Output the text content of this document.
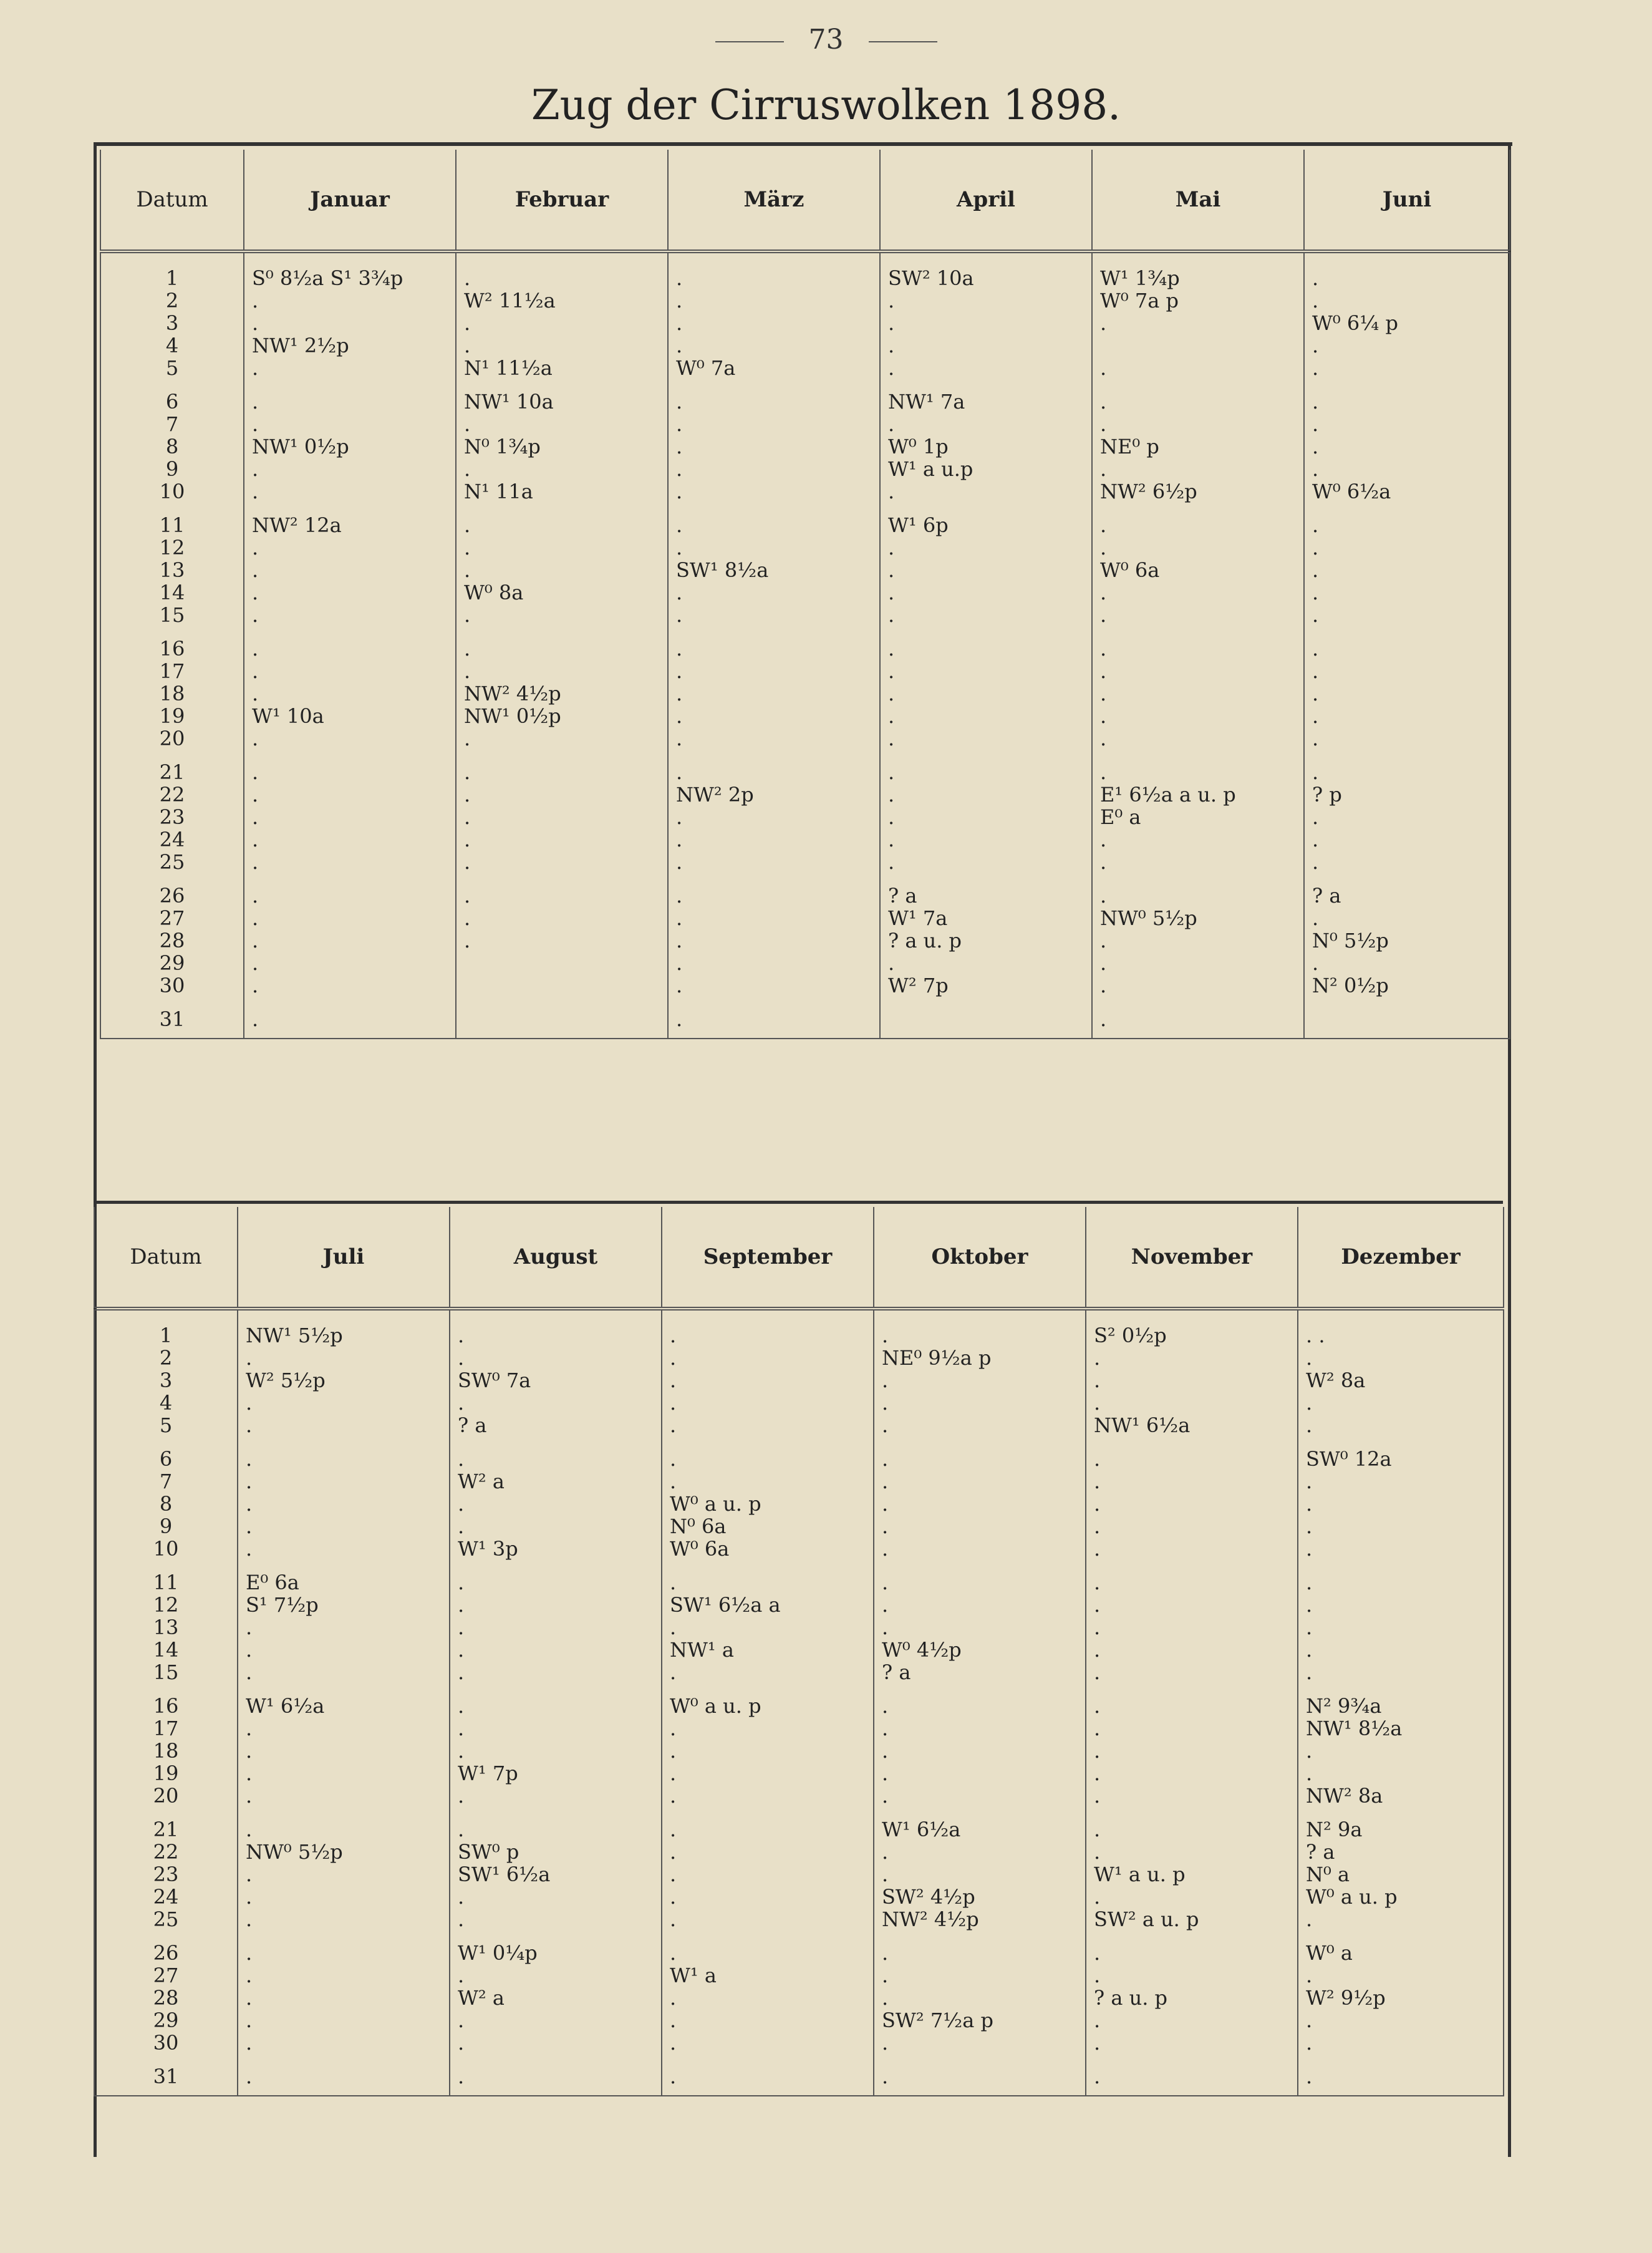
73
Zug der Cirruswolken 1898.
Datum	Januar	Februar	März	April	Mai	Juni

1	S⁰ 8½a S¹ 3¾p	.	.	SW² 10a	W¹ 1¾p	.
2	.	W² 11½a	.	.	W⁰ 7a p	.
3	.	.	.	.	.	W⁰ 6¼ p
4	NW¹ 2½p	.	.	.		.
5	.	N¹ 11½a	W⁰ 7a	.	.	.

6	.	NW¹ 10a	.	NW¹ 7a	.	.
7	.	.	.	.	.	.
8	NW¹ 0½p	N⁰ 1¾p	.	W⁰ 1p	NE⁰ p	.
9	.	.	.	W¹ a u.p	.	.
10	.	N¹ 11a	.	.	NW² 6½p	W⁰ 6½a

11	NW² 12a	.	.	W¹ 6p	.	.
12	.	.	.	.	.	.
13	.	.	SW¹ 8½a	.	W⁰ 6a	.
14	.	W⁰ 8a	.	.	.	.
15	.	.	.	.	.	.

16	.	.	.	.	.	.
17	.	.	.	.	.	.
18	.	NW² 4½p	.	.	.	.
19	W¹ 10a	NW¹ 0½p	.	.	.	.
20	.	.	.	.	.	.

21	.	.	.	.	.	.
22	.	.	NW² 2p	.	E¹ 6½a a u. p	? p
23	.	.	.	.	E⁰ a	.
24	.	.	.	.	.	.
25	.	.	.	.	.	.

26	.	.	.	? a	.	? a
27	.	.	.	W¹ 7a	NW⁰ 5½p	.
28	.	.	.	? a u. p	.	N⁰ 5½p
29	.		.	.	.	.
30	.		.	W² 7p	.	N² 0½p

31	.		.		.	

Datum	Juli	August	September	Oktober	November	Dezember

1	NW¹ 5½p	.	.	.	S² 0½p	. .
2	.	.	.	NE⁰ 9½a p	.	.
3	W² 5½p	SW⁰ 7a	.	.	.	W² 8a
4	.	.	.	.	.	.
5	.	? a	.	.	NW¹ 6½a	.

6	.	.	.	.	.	SW⁰ 12a
7	.	W² a	.	.	.	.
8	.	.	W⁰ a u. p	.	.	.
9	.	.	N⁰ 6a	.	.	.
10	.	W¹ 3p	W⁰ 6a	.	.	.

11	E⁰ 6a	.	.	.	.	.
12	S¹ 7½p	.	SW¹ 6½a a	.	.	.
13	.	.	.	.	.	.
14	.	.	NW¹ a	W⁰ 4½p	.	.
15	.	.	.	? a	.	.

16	W¹ 6½a	.	W⁰ a u. p	.	.	N² 9¾a
17	.	.	.	.	.	NW¹ 8½a
18	.	.	.	.	.	.
19	.	W¹ 7p	.	.	.	.
20	.	.	.	.	.	NW² 8a

21	.	.	.	W¹ 6½a	.	N² 9a
22	NW⁰ 5½p	SW⁰ p	.	.	.	? a
23	.	SW¹ 6½a	.	.	W¹ a u. p	N⁰ a
24	.	.	.	SW² 4½p	.	W⁰ a u. p
25	.	.	.	NW² 4½p	SW² a u. p	.

26	.	W¹ 0¼p	.	.	.	W⁰ a
27	.	.	W¹ a	.	.	.
28	.	W² a	.	.	? a u. p	W² 9½p
29	.	.	.	SW² 7½a p	.	.
30	.	.	.	.	.	.

31	.	.	.	.	.	.
